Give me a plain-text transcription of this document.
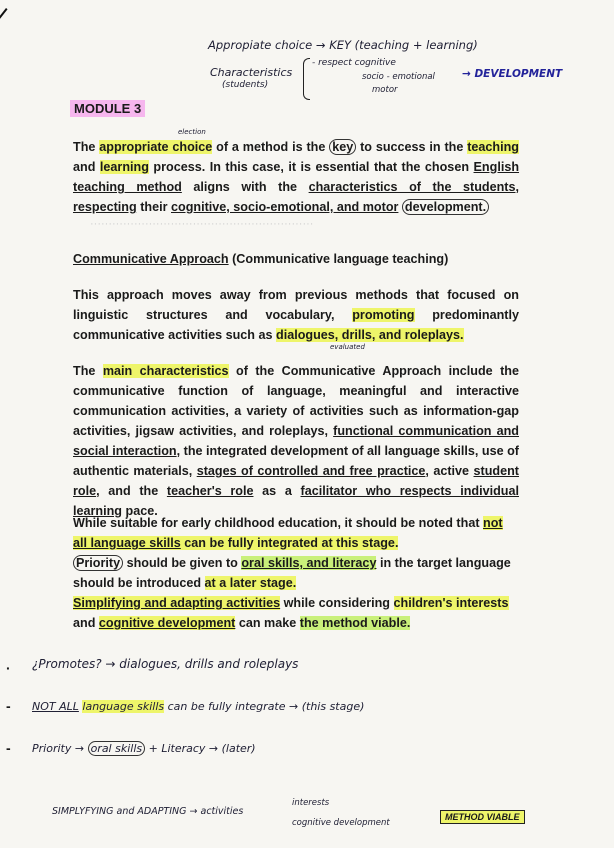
Appropiate choice → KEY (teaching + learning)
Characteristics
(students)
- respect cognitive
socio - emotional
motor
→ DEVELOPMENT
MODULE 3
election
The appropriate choice of a method is the key to success in the teaching and learning process. In this case, it is essential that the chosen English teaching method aligns with the characteristics of the students, respecting their cognitive, socio-emotional, and motor development.
·····························································
Communicative Approach (Communicative language teaching)
This approach moves away from previous methods that focused on linguistic structures and vocabulary, promoting predominantly communicative activities such as dialogues, drills, and roleplays.
evaluated
The main characteristics of the Communicative Approach include the communicative function of language, meaningful and interactive communication activities, a variety of activities such as information-gap activities, jigsaw activities, and roleplays, functional communication and social interaction, the integrated development of all language skills, use of authentic materials, stages of controlled and free practice, active student role, and the teacher's role as a facilitator who respects individual learning pace.
While suitable for early childhood education, it should be noted that not all language skills can be fully integrated at this stage.
Priority should be given to oral skills, and literacy in the target language should be introduced at a later stage.
Simplifying and adapting activities while considering children's interests and cognitive development can make the method viable.
· ¿Promotes? → dialogues, drills and roleplays
- NOT ALL language skills can be fully integrate → (this stage)
- Priority → oral skills + Literacy → (later)
SIMPLYFYING and ADAPTING → activities
interests
cognitive development
METHOD VIABLE
